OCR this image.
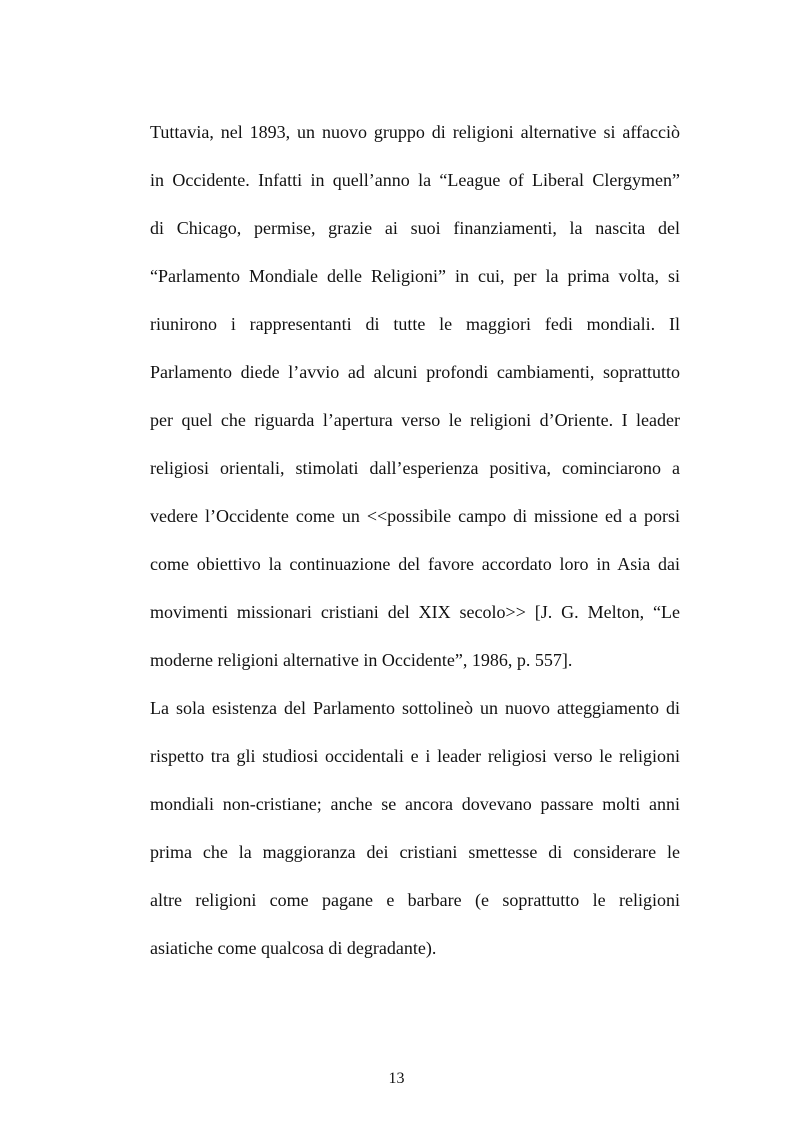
Tuttavia, nel 1893, un nuovo gruppo di religioni alternative si affacciò
in Occidente. Infatti in quell’anno la “League of Liberal Clergymen”
di Chicago, permise, grazie ai suoi finanziamenti, la nascita del
“Parlamento Mondiale delle Religioni” in cui, per la prima volta, si
riunirono i rappresentanti di tutte le maggiori fedi mondiali. Il
Parlamento diede l’avvio ad alcuni profondi cambiamenti, soprattutto
per quel che riguarda l’apertura verso le religioni d’Oriente. I leader
religiosi orientali, stimolati dall’esperienza positiva, cominciarono a
vedere l’Occidente come un <<possibile campo di missione ed a porsi
come obiettivo la continuazione del favore accordato loro in Asia dai
movimenti missionari cristiani del XIX secolo>> [J. G. Melton, “Le
moderne religioni alternative in Occidente”, 1986, p. 557].
La sola esistenza del Parlamento sottolineò un nuovo atteggiamento di
rispetto tra gli studiosi occidentali e i leader religiosi verso le religioni
mondiali non-cristiane; anche se ancora dovevano passare molti anni
prima che la maggioranza dei cristiani smettesse di considerare le
altre religioni come pagane e barbare (e soprattutto le religioni
asiatiche come qualcosa di degradante).
13
